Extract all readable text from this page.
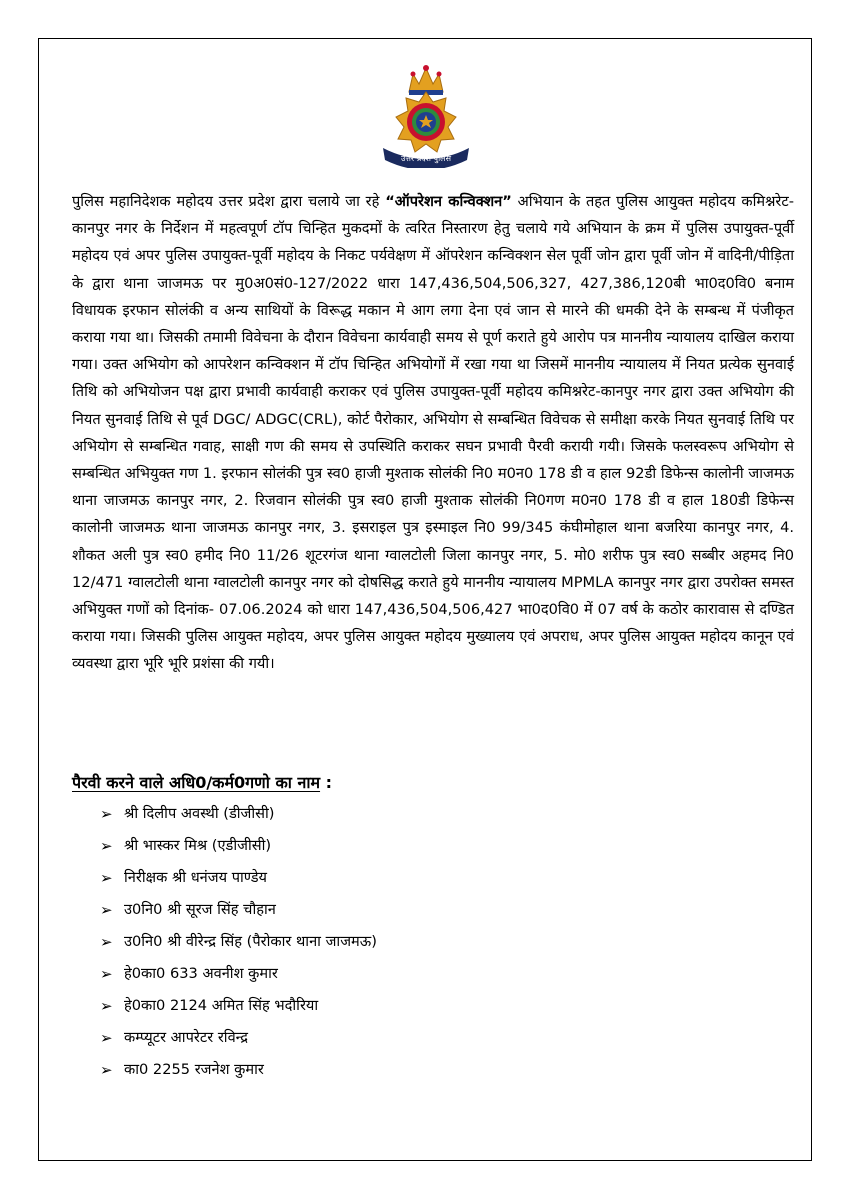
उत्तर प्रदेश पुलिस

पुलिस महानिदेशक महोदय उत्तर प्रदेश द्वारा चलाये जा रहे “ऑपरेशन कन्विक्शन” अभियान के तहत पुलिस आयुक्त महोदय कमिश्नरेट-कानपुर नगर के निर्देशन में महत्वपूर्ण टॉप चिन्हित मुकदमों के त्वरित निस्तारण हेतु चलाये गये अभियान के क्रम में पुलिस उपायुक्त-पूर्वी महोदय एवं अपर पुलिस उपायुक्त-पूर्वी महोदय के निकट पर्यवेक्षण में ऑपरेशन कन्विक्शन सेल पूर्वी जोन द्वारा पूर्वी जोन में वादिनी/पीड़िता के द्वारा थाना जाजमऊ पर मु0अ0सं0-127/2022 धारा 147,436,504,506,327, 427,386,120बी भा0द0वि0 बनाम विधायक इरफान सोलंकी व अन्य साथियों के विरूद्ध मकान मे आग लगा देना एवं जान से मारने की धमकी देने के सम्बन्ध में पंजीकृत कराया गया था। जिसकी तमामी विवेचना के दौरान विवेचना कार्यवाही समय से पूर्ण कराते हुये आरोप पत्र माननीय न्यायालय दाखिल कराया गया। उक्त अभियोग को आपरेशन कन्विक्शन में टॉप चिन्हित अभियोगों में रखा गया था जिसमें माननीय न्यायालय में नियत प्रत्येक सुनवाई तिथि को अभियोजन पक्ष द्वारा प्रभावी कार्यवाही कराकर एवं पुलिस उपायुक्त-पूर्वी महोदय कमिश्नरेट-कानपुर नगर द्वारा उक्त अभियोग की नियत सुनवाई तिथि से पूर्व DGC/ ADGC(CRL), कोर्ट पैरोकार, अभियोग से सम्बन्धित विवेचक से समीक्षा करके नियत सुनवाई तिथि पर अभियोग से सम्बन्धित गवाह, साक्षी गण की समय से उपस्थिति कराकर सघन प्रभावी पैरवी करायी गयी। जिसके फलस्वरूप अभियोग से सम्बन्धित अभियुक्त गण 1. इरफान सोलंकी पुत्र स्व0 हाजी मुश्ताक सोलंकी नि0 म0न0 178 डी व हाल 92डी डिफेन्स कालोनी जाजमऊ थाना जाजमऊ कानपुर नगर, 2. रिजवान सोलंकी पुत्र स्व0 हाजी मुश्ताक सोलंकी नि0गण म0न0 178 डी व हाल 180डी डिफेन्स कालोनी जाजमऊ थाना जाजमऊ कानपुर नगर, 3. इसराइल पुत्र इस्माइल नि0 99/345 कंघीमोहाल थाना बजरिया कानपुर नगर, 4. शौकत अली पुत्र स्व0 हमीद नि0 11/26 शूटरगंज थाना ग्वालटोली जिला कानपुर नगर, 5. मो0 शरीफ पुत्र स्व0 सब्बीर अहमद नि0 12/471 ग्वालटोली थाना ग्वालटोली कानपुर नगर को दोषसिद्ध कराते हुये माननीय न्यायालय MPMLA कानपुर नगर द्वारा उपरोक्त समस्त अभियुक्त गणों को दिनांक- 07.06.2024 को धारा 147,436,504,506,427 भा0द0वि0 में 07 वर्ष के कठोर कारावास से दण्डित कराया गया। जिसकी पुलिस आयुक्त महोदय, अपर पुलिस आयुक्त महोदय मुख्यालय एवं अपराध, अपर पुलिस आयुक्त महोदय कानून एवं व्यवस्था द्वारा भूरि भूरि प्रशंसा की गयी।

पैरवी करने वाले अधि0/कर्म0गणो का नाम :

➢ श्री दिलीप अवस्थी (डीजीसी)
➢ श्री भास्कर मिश्र (एडीजीसी)
➢ निरीक्षक श्री धनंजय पाण्डेय
➢ उ0नि0 श्री सूरज सिंह चौहान
➢ उ0नि0 श्री वीरेन्द्र सिंह (पैरोकार थाना जाजमऊ)
➢ हे0का0 633 अवनीश कुमार
➢ हे0का0 2124 अमित सिंह भदौरिया
➢ कम्प्यूटर आपरेटर रविन्द्र
➢ का0 2255 रजनेश कुमार
